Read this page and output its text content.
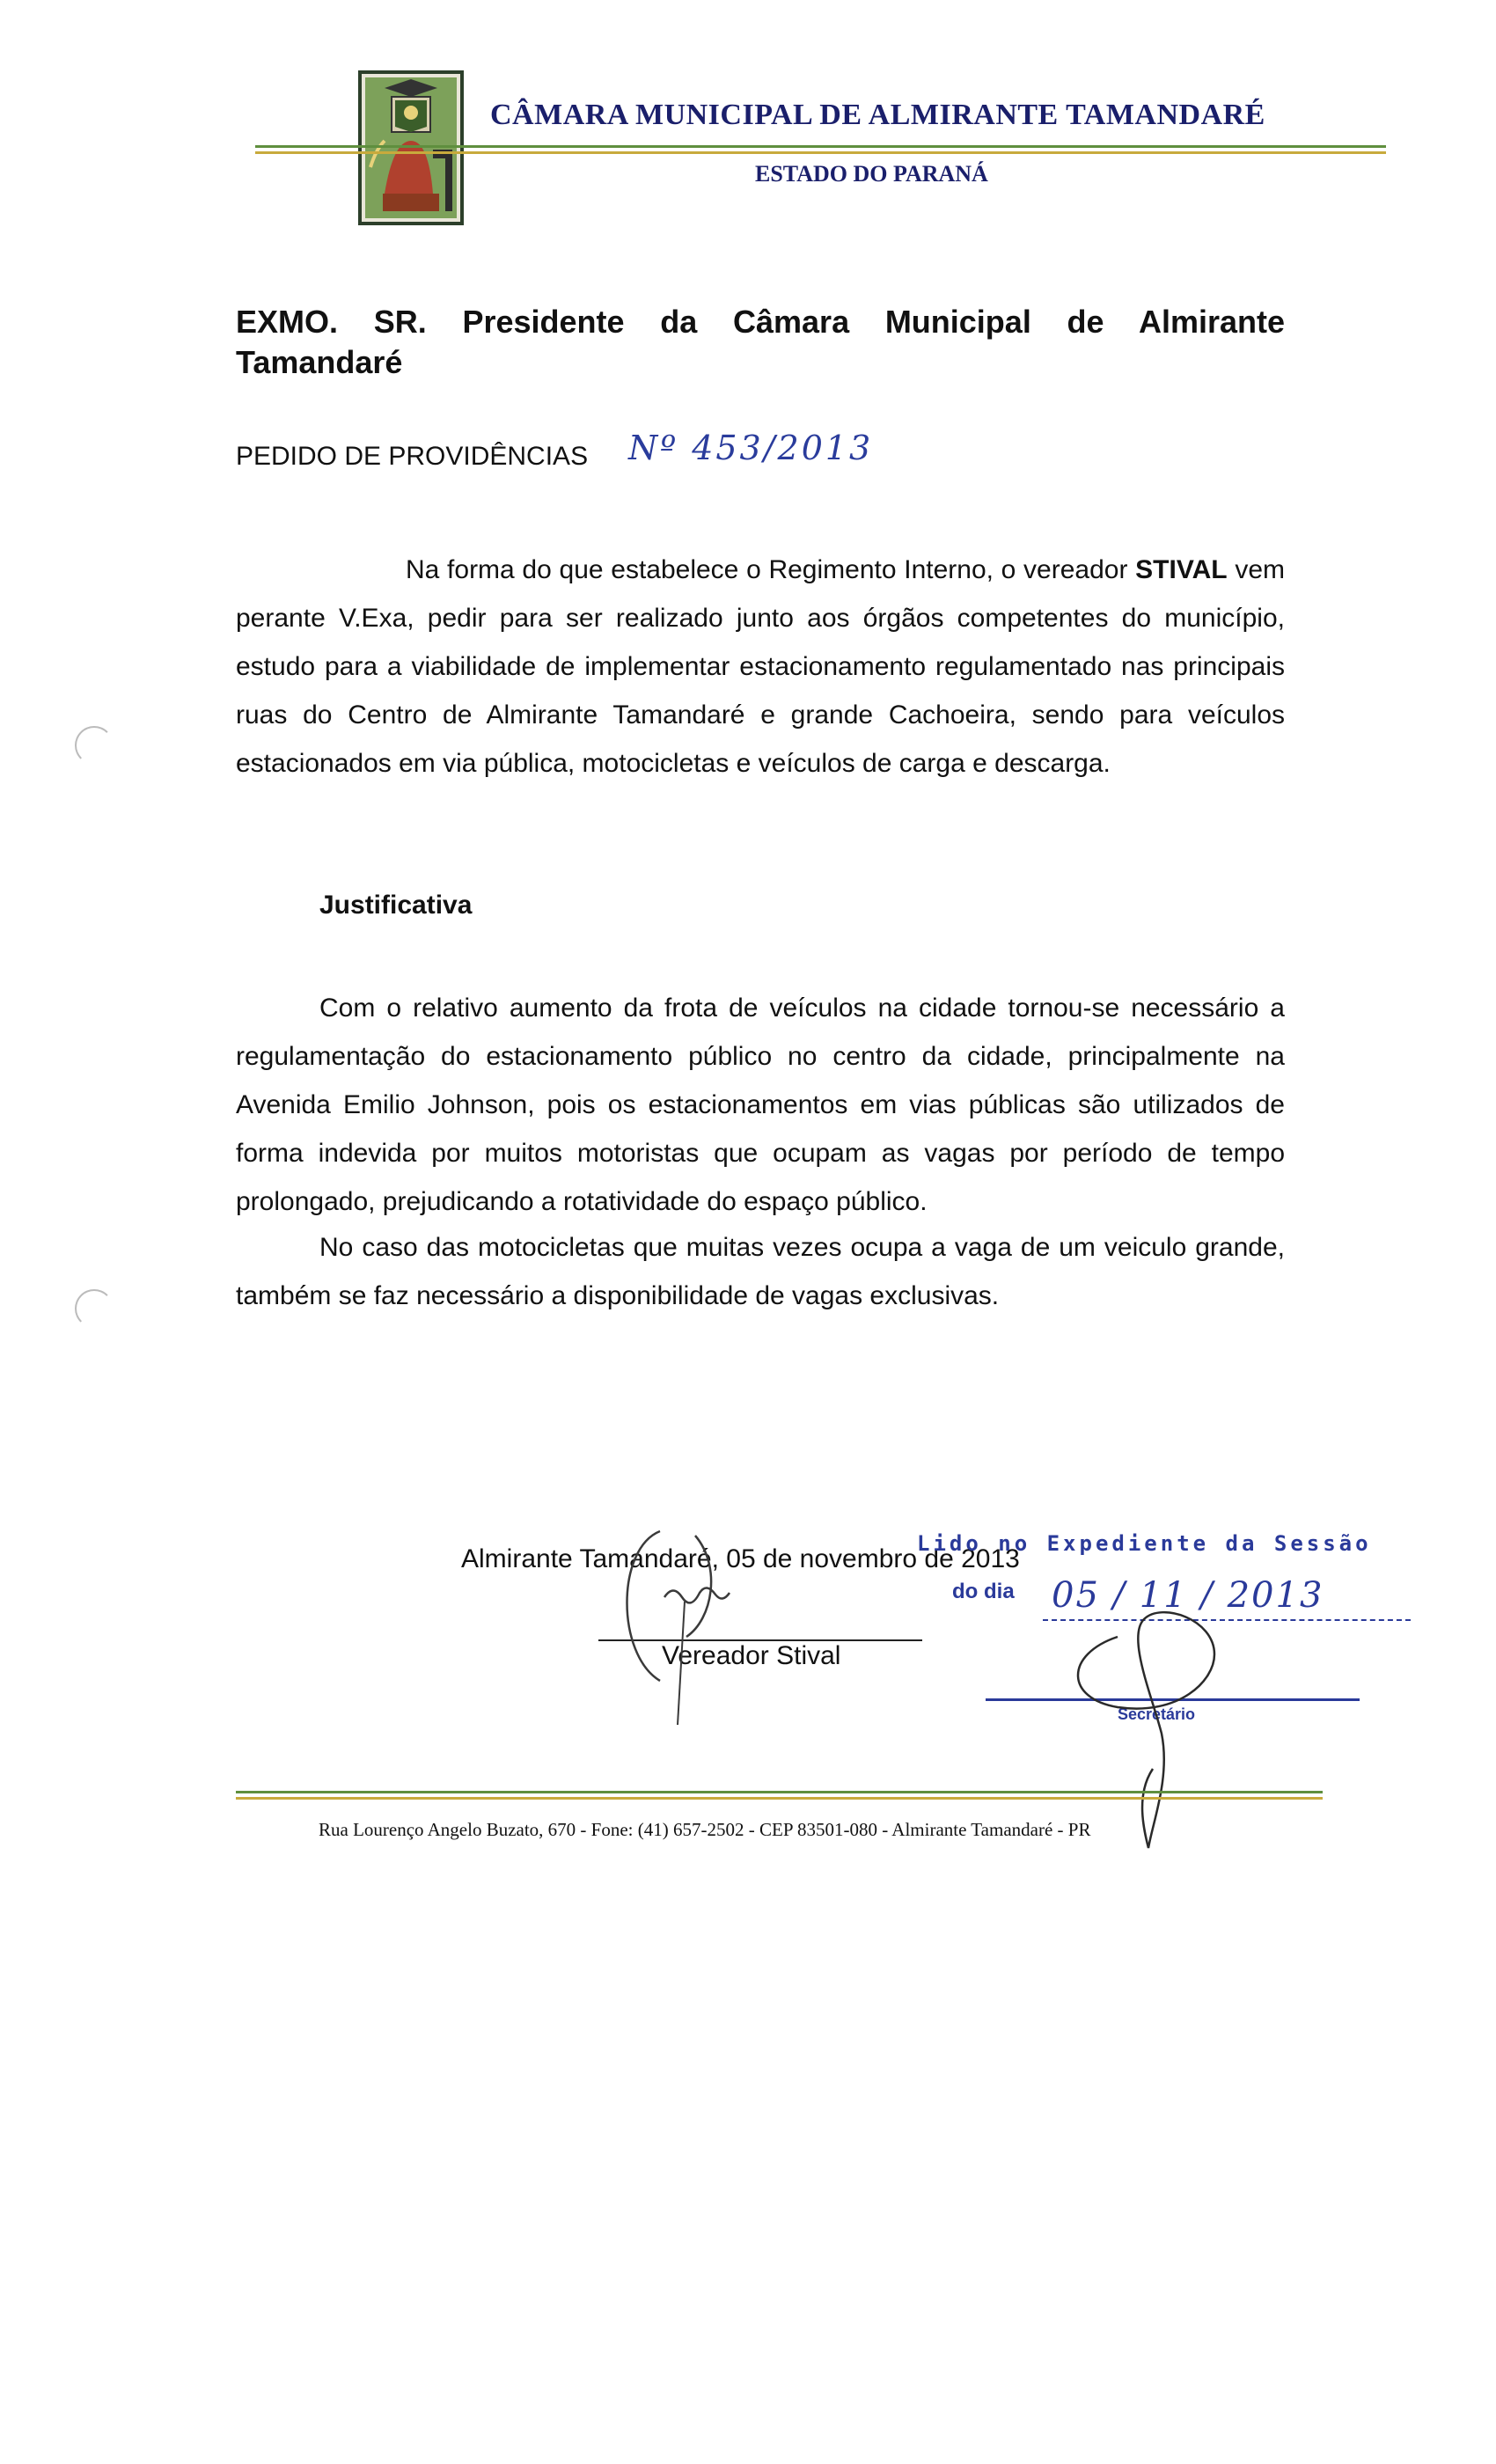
CÂMARA MUNICIPAL DE ALMIRANTE TAMANDARÉ
ESTADO DO PARANÁ
EXMO. SR. Presidente da Câmara Municipal de Almirante
Tamandaré
PEDIDO DE PROVIDÊNCIAS Nº 453/2013
Na forma do que estabelece o Regimento Interno, o vereador STIVAL vem perante V.Exa, pedir para ser realizado junto aos órgãos competentes do município, estudo para a viabilidade de implementar estacionamento regulamentado nas principais ruas do Centro de Almirante Tamandaré e grande Cachoeira, sendo para veículos estacionados em via pública, motocicletas e veículos de carga e descarga.
Justificativa
Com o relativo aumento da frota de veículos na cidade tornou-se necessário a regulamentação do estacionamento público no centro da cidade, principalmente na Avenida Emilio Johnson, pois os estacionamentos em vias públicas são utilizados de forma indevida por muitos motoristas que ocupam as vagas por período de tempo prolongado, prejudicando a rotatividade do espaço público.
No caso das motocicletas que muitas vezes ocupa a vaga de um veiculo grande, também se faz necessário a disponibilidade de vagas exclusivas.
Almirante Tamandaré, 05 de novembro de 2013
Vereador Stival
Lido no Expediente da Sessão
do dia 05 / 11 / 2013
Secretário
Rua Lourenço Angelo Buzato, 670 - Fone: (41) 657-2502 - CEP 83501-080 - Almirante Tamandaré - PR
